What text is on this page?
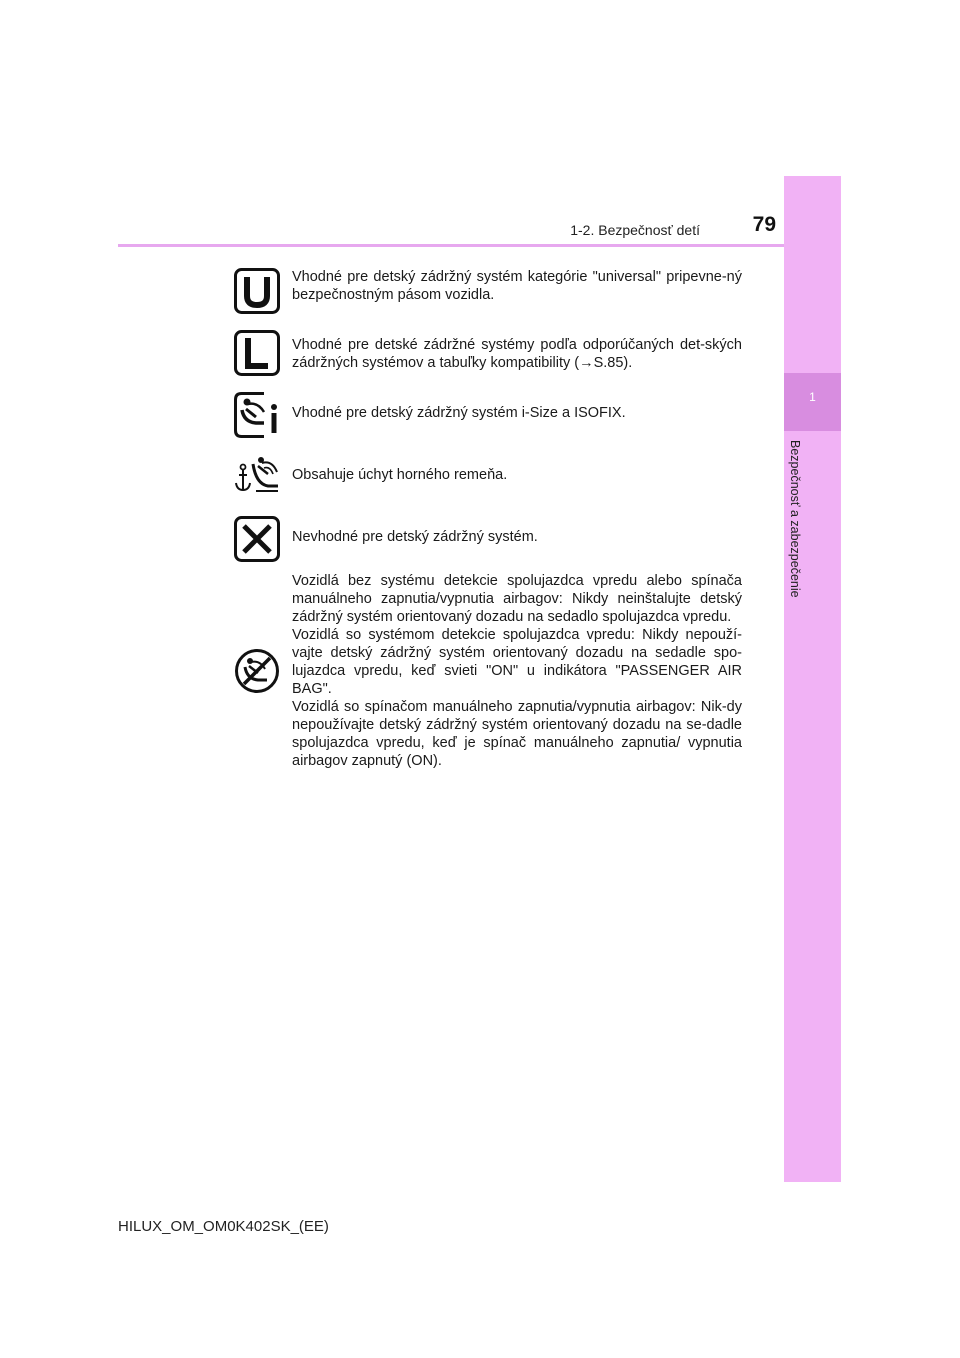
1
Bezpečnosť a zabezpečenie
1-2. Bezpečnosť detí	79
Vhodné pre detský zádržný systém kategórie "universal" pripevne-ný bezpečnostným pásom vozidla.
Vhodné pre detské zádržné systémy podľa odporúčaných det-ských zádržných systémov a tabuľky kompatibility (→S.85).
Vhodné pre detský zádržný systém i-Size a ISOFIX.
Obsahuje úchyt horného remeňa.
Nevhodné pre detský zádržný systém.

Vozidlá bez systému detekcie spolujazdca vpredu alebo spínača manuálneho zapnutia/vypnutia airbagov: Nikdy neinštalujte detský zádržný systém orientovaný dozadu na sedadlo spolujazdca vpredu.

Vozidlá so systémom detekcie spolujazdca vpredu: Nikdy nepouží-vajte detský zádržný systém orientovaný dozadu na sedadle spo-lujazdca vpredu, keď svieti "ON" u indikátora "PASSENGER AIR BAG".

Vozidlá so spínačom manuálneho zapnutia/vypnutia airbagov: Nik-dy nepoužívajte detský zádržný systém orientovaný dozadu na se-dadle spolujazdca vpredu, keď je spínač manuálneho zapnutia/ vypnutia airbagov zapnutý (ON).

HILUX_OM_OM0K402SK_(EE)
